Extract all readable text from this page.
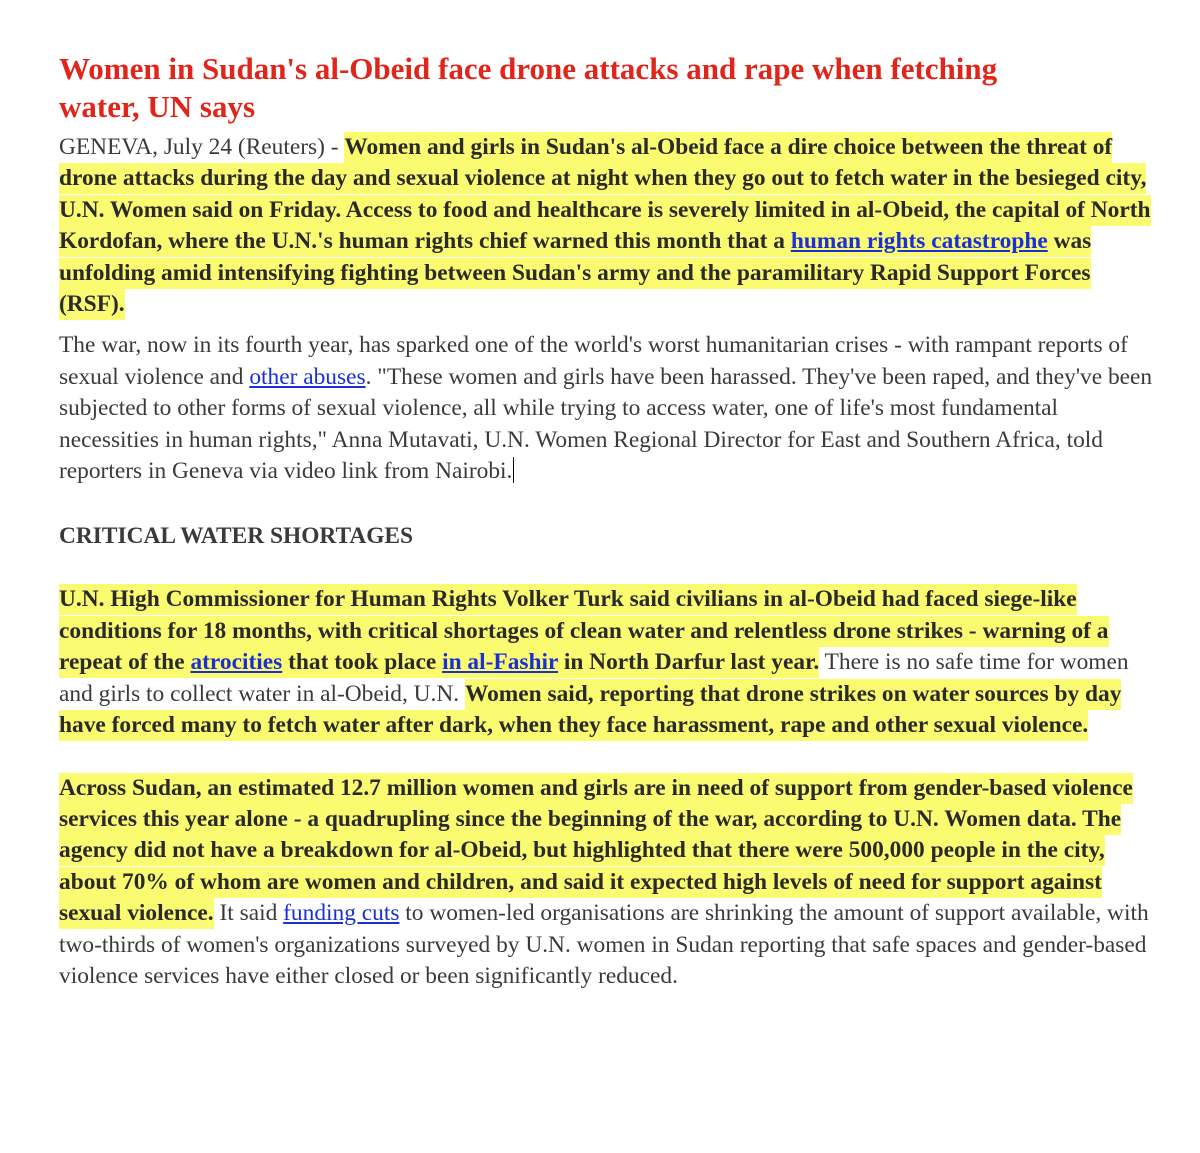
Women in Sudan's al-Obeid face drone attacks and rape when fetching water, UN says

GENEVA, July 24 (Reuters) - Women and girls in Sudan's al-Obeid face a dire choice between the threat of drone attacks during the day and sexual violence at night when they go out to fetch water in the besieged city, U.N. Women said on Friday. Access to food and healthcare is severely limited in al-Obeid, the capital of North Kordofan, where the U.N.'s human rights chief warned this month that a human rights catastrophe was unfolding amid intensifying fighting between Sudan's army and the paramilitary Rapid Support Forces (RSF).

The war, now in its fourth year, has sparked one of the world's worst humanitarian crises - with rampant reports of sexual violence and other abuses. "These women and girls have been harassed. They've been raped, and they've been subjected to other forms of sexual violence, all while trying to access water, one of life's most fundamental necessities in human rights," Anna Mutavati, U.N. Women Regional Director for East and Southern Africa, told reporters in Geneva via video link from Nairobi.

CRITICAL WATER SHORTAGES

U.N. High Commissioner for Human Rights Volker Turk said civilians in al-Obeid had faced siege-like conditions for 18 months, with critical shortages of clean water and relentless drone strikes - warning of a repeat of the atrocities that took place in al-Fashir in North Darfur last year. There is no safe time for women and girls to collect water in al-Obeid, U.N. Women said, reporting that drone strikes on water sources by day have forced many to fetch water after dark, when they face harassment, rape and other sexual violence.

Across Sudan, an estimated 12.7 million women and girls are in need of support from gender-based violence services this year alone - a quadrupling since the beginning of the war, according to U.N. Women data. The agency did not have a breakdown for al-Obeid, but highlighted that there were 500,000 people in the city, about 70% of whom are women and children, and said it expected high levels of need for support against sexual violence. It said funding cuts to women-led organisations are shrinking the amount of support available, with two-thirds of women's organizations surveyed by U.N. women in Sudan reporting that safe spaces and gender-based violence services have either closed or been significantly reduced.
